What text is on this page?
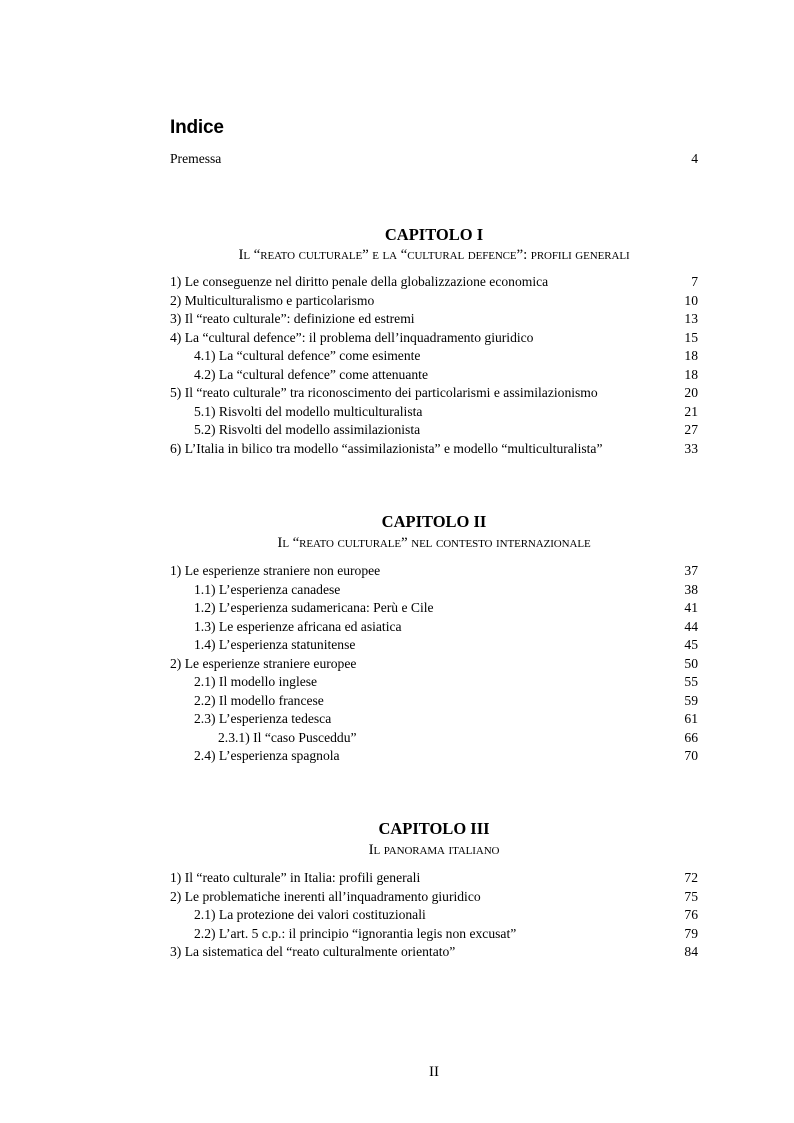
Indice
Premessa	4
CAPITOLO I
Il “reato culturale” e la “cultural defence”: profili generali
1) Le conseguenze nel diritto penale della globalizzazione economica	7
2) Multiculturalismo e particolarismo	10
3) Il “reato culturale”: definizione ed estremi	13
4) La “cultural defence”: il problema dell’inquadramento giuridico	15
4.1) La “cultural defence” come esimente	18
4.2) La “cultural defence” come attenuante	18
5) Il “reato culturale” tra riconoscimento dei particolarismi e assimilazionismo	20
5.1) Risvolti del modello multiculturalista	21
5.2) Risvolti del modello assimilazionista	27
6) L’Italia in bilico tra modello “assimilazionista” e modello “multiculturalista”	33
CAPITOLO II
Il “reato culturale” nel contesto internazionale
1) Le esperienze straniere non europee	37
1.1) L’esperienza canadese	38
1.2) L’esperienza sudamericana: Perù e Cile	41
1.3) Le esperienze africana ed asiatica	44
1.4) L’esperienza statunitense	45
2) Le esperienze straniere europee	50
2.1) Il modello inglese	55
2.2) Il modello francese	59
2.3) L’esperienza tedesca	61
2.3.1) Il “caso Pusceddu”	66
2.4) L’esperienza spagnola	70
CAPITOLO III
Il panorama italiano
1) Il “reato culturale” in Italia: profili generali	72
2) Le problematiche inerenti all’inquadramento giuridico	75
2.1) La protezione dei valori costituzionali	76
2.2) L’art. 5 c.p.: il principio “ignorantia legis non excusat”	79
3) La sistematica del “reato culturalmente orientato”	84
II
